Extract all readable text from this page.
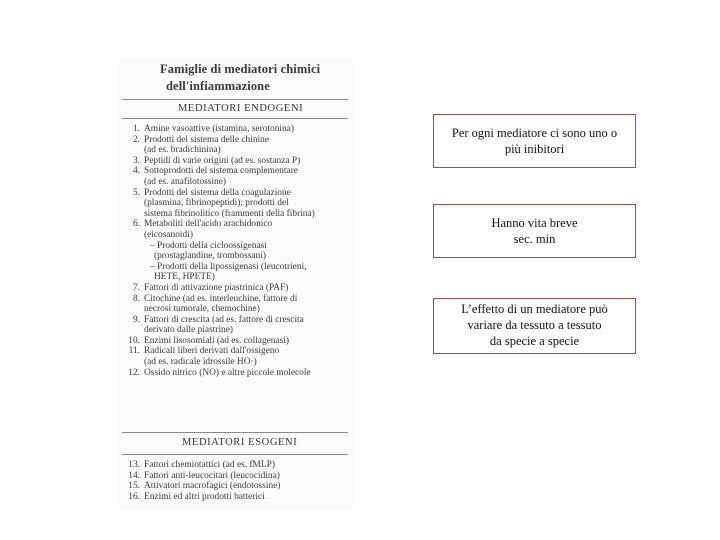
Famiglie di mediatori chimici
dell'infiammazione
MEDIATORI ENDOGENI
1. Amine vasoattive (istamina, serotonina)
2. Prodotti del sistema delle chinine
(ad es. bradichinina)
3. Peptidi di varie origini (ad es. sostanza P)
4. Sottoprodotti del sistema complementare
(ad es. anafilotossine)
5. Prodotti del sistema della coagulazione
(plasmina, fibrinopeptidi); prodotti del
sistema fibrinolitico (frammenti della fibrina)
6. Metaboliti dell'acido arachidonico
(eicosanoidi)
– Prodotti della cicloossigenasi
(prostaglandine, trombossani)
– Prodotti della lipossigenasi (leucotrieni,
HETE, HPETE)
7. Fattori di attivazione piastrinica (PAF)
8. Citochine (ad es. interleuchine, fattore di
necrosi tumorale, chemochine)
9. Fattori di crescita (ad es. fattore di crescita
derivato dalle piastrine)
10. Enzimi lisosomiali (ad es. collagenasi)
11. Radicali liberi derivati dall'ossigeno
(ad es. radicale idrossile HO·)
12. Ossido nitrico (NO) e altre piccole molecole
MEDIATORI ESOGENI
13. Fattori chemiotattici (ad es. fMLP)
14. Fattori anti-leucocitari (leucocidina)
15. Attivatori macrofagici (endotossine)
16. Enzimi ed altri prodotti batterici
Per ogni mediatore ci sono uno o
più inibitori
Hanno vita breve
sec. min
L’effetto di un mediatore può
variare da tessuto a tessuto
da specie a specie
